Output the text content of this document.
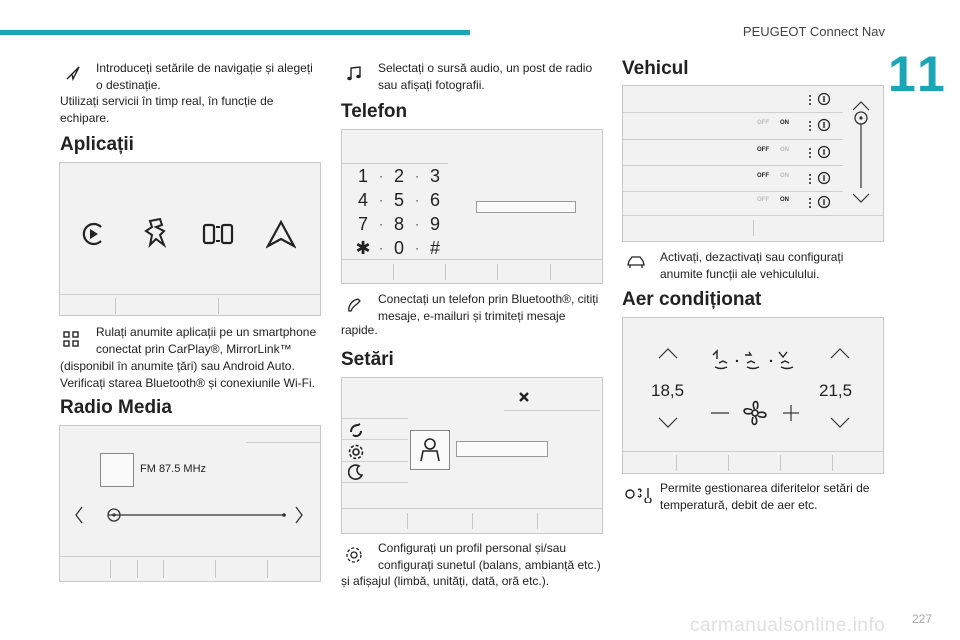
PEUGEOT Connect Nav
11
Introduceți setările de navigație și alegeți
o destinație.
Utilizați servicii în timp real, în funcție de
echipare.
Aplicații
Rulați anumite aplicații pe un smartphone
conectat prin CarPlay®, MirrorLink™
(disponibil în anumite țări) sau Android Auto.
Verificați starea Bluetooth® și conexiunile Wi-Fi.
Radio Media
FM 87.5 MHz
Selectați o sursă audio, un post de radio
sau afișați fotografii.
Telefon
1 · 2 · 3
4 · 5 · 6
7 · 8 · 9
✱ · 0 · #
Conectați un telefon prin Bluetooth®, citiți
mesaje, e-mailuri și trimiteți mesaje
rapide.
Setări
Configurați un profil personal și/sau
configurați sunetul (balans, ambianță etc.)
și afișajul (limbă, unități, dată, oră etc.).
Vehicul
OFF ON
OFF ON
OFF ON
OFF ON
Activați, dezactivați sau configurați
anumite funcții ale vehiculului.
Aer condiționat
18,5	21,5
Permite gestionarea diferitelor setări de
temperatură, debit de aer etc.
carmanualsonline.info 227
